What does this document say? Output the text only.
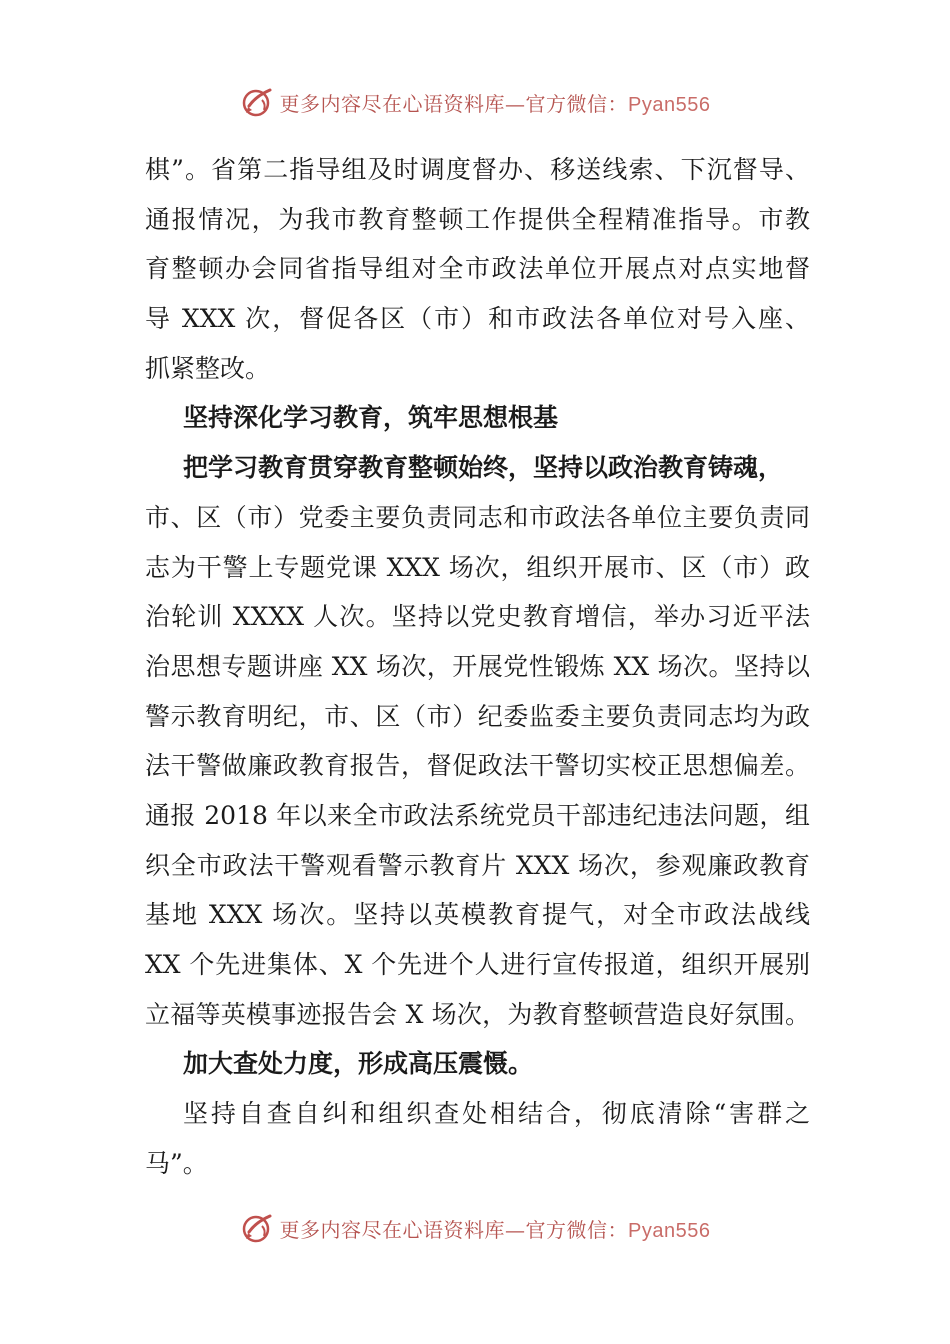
更多内容尽在心语资料库—官方微信：Pyan556
棋”。省第二指导组及时调度督办、移送线索、下沉督导、
通报情况，为我市教育整顿工作提供全程精准指导。市教
育整顿办会同省指导组对全市政法单位开展点对点实地督
导 XXX 次，督促各区（市）和市政法各单位对号入座、
抓紧整改。
坚持深化学习教育，筑牢思想根基
把学习教育贯穿教育整顿始终，坚持以政治教育铸魂，
市、区（市）党委主要负责同志和市政法各单位主要负责同
志为干警上专题党课 XXX 场次，组织开展市、区（市）政
治轮训 XXXX 人次。坚持以党史教育增信，举办习近平法
治思想专题讲座 XX 场次，开展党性锻炼 XX 场次。坚持以
警示教育明纪，市、区（市）纪委监委主要负责同志均为政
法干警做廉政教育报告，督促政法干警切实校正思想偏差。
通报 2018 年以来全市政法系统党员干部违纪违法问题，组
织全市政法干警观看警示教育片 XXX 场次，参观廉政教育
基地 XXX 场次。坚持以英模教育提气，对全市政法战线
XX 个先进集体、X 个先进个人进行宣传报道，组织开展别
立福等英模事迹报告会 X 场次，为教育整顿营造良好氛围。
加大查处力度，形成高压震慑。
坚持自查自纠和组织查处相结合，彻底清除“害群之
马”。
更多内容尽在心语资料库—官方微信：Pyan556
